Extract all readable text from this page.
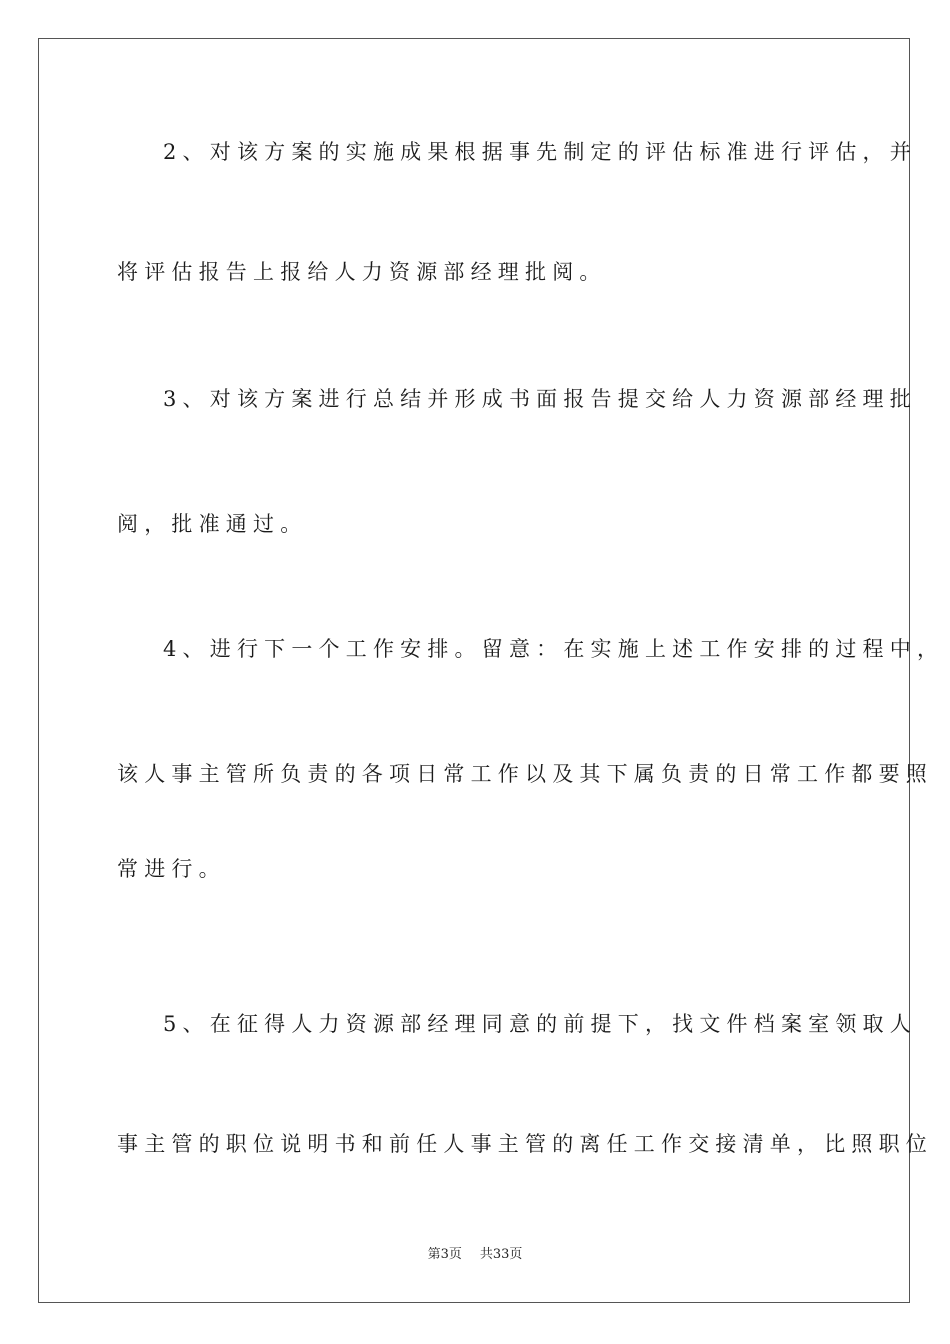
2、对该方案的实施成果根据事先制定的评估标准进行评估，并
将评估报告上报给人力资源部经理批阅。
3、对该方案进行总结并形成书面报告提交给人力资源部经理批
阅，批准通过。
4、进行下一个工作安排。留意：在实施上述工作安排的过程中，
该人事主管所负责的各项日常工作以及其下属负责的日常工作都要照
常进行。
5、在征得人力资源部经理同意的前提下，找文件档案室领取人
事主管的职位说明书和前任人事主管的离任工作交接清单，比照职位
第3页 共33页
